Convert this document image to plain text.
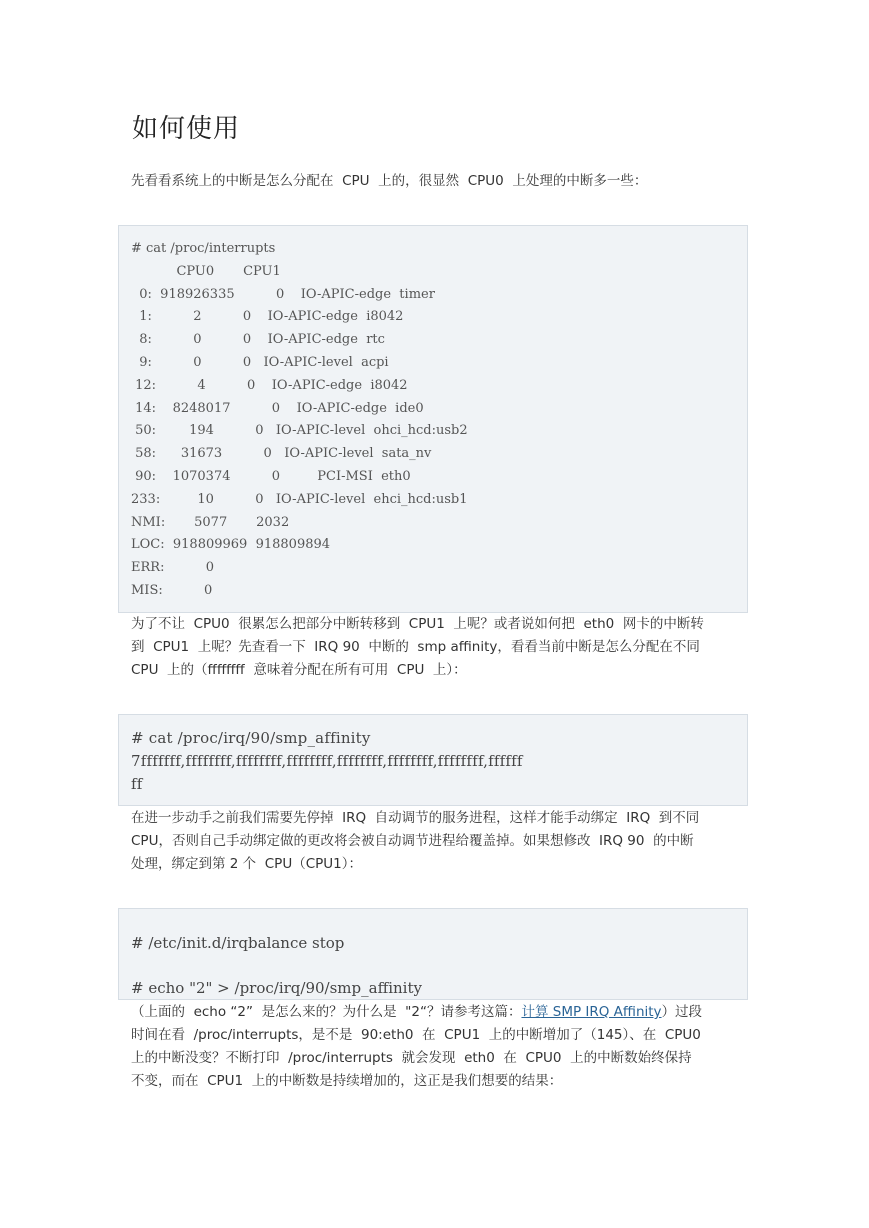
如何使用

先看看系统上的中断是怎么分配在  CPU  上的，很显然  CPU0  上处理的中断多一些：

# cat /proc/interrupts
CPU0       CPU1
0:  918926335          0    IO-APIC-edge  timer
1:          2          0    IO-APIC-edge  i8042
8:          0          0    IO-APIC-edge  rtc
9:          0          0   IO-APIC-level  acpi
12:          4          0    IO-APIC-edge  i8042
14:    8248017          0    IO-APIC-edge  ide0
50:        194          0   IO-APIC-level  ohci_hcd:usb2
58:      31673          0   IO-APIC-level  sata_nv
90:    1070374          0         PCI-MSI  eth0
233:         10          0   IO-APIC-level  ehci_hcd:usb1
NMI:       5077       2032
LOC:  918809969  918809894
ERR:          0
MIS:          0

为了不让  CPU0  很累怎么把部分中断转移到  CPU1  上呢？或者说如何把  eth0  网卡的中断转
到  CPU1  上呢？先查看一下  IRQ 90  中断的  smp affinity，看看当前中断是怎么分配在不同
CPU  上的（ffffffff  意味着分配在所有可用  CPU  上）：

# cat /proc/irq/90/smp_affinity
7fffffff,ffffffff,ffffffff,ffffffff,ffffffff,ffffffff,ffffffff,ffffff
ff

在进一步动手之前我们需要先停掉  IRQ  自动调节的服务进程，这样才能手动绑定  IRQ  到不同
CPU，否则自己手动绑定做的更改将会被自动调节进程给覆盖掉。如果想修改  IRQ 90  的中断
处理，绑定到第 2 个  CPU（CPU1）：

# /etc/init.d/irqbalance stop
# echo "2" > /proc/irq/90/smp_affinity

（上面的  echo “2”  是怎么来的？为什么是  "2“？请参考这篇：计算 SMP IRQ Affinity）过段
时间在看  /proc/interrupts，是不是  90:eth0  在  CPU1  上的中断增加了（145）、在  CPU0
上的中断没变？不断打印  /proc/interrupts  就会发现  eth0  在  CPU0  上的中断数始终保持
不变，而在  CPU1  上的中断数是持续增加的，这正是我们想要的结果：
